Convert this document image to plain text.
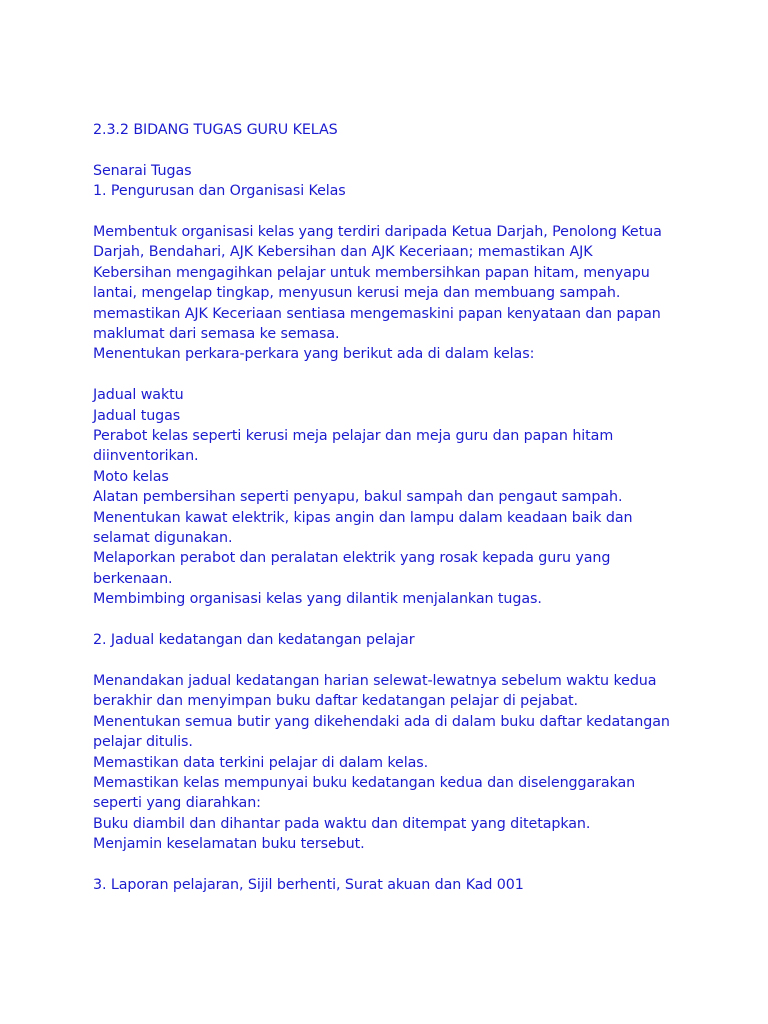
2.3.2 BIDANG TUGAS GURU KELAS

Senarai Tugas

1. Pengurusan dan Organisasi Kelas

Membentuk organisasi kelas yang terdiri daripada Ketua Darjah, Penolong Ketua

Darjah, Bendahari, AJK Kebersihan dan AJK Keceriaan; memastikan AJK

Kebersihan mengagihkan pelajar untuk membersihkan papan hitam, menyapu

lantai, mengelap tingkap, menyusun kerusi meja dan membuang sampah.

memastikan AJK Keceriaan sentiasa mengemaskini papan kenyataan dan papan

maklumat dari semasa ke semasa.

Menentukan perkara-perkara yang berikut ada di dalam kelas:

Jadual waktu

Jadual tugas

Perabot kelas seperti kerusi meja pelajar dan meja guru dan papan hitam

diinventorikan.

Moto kelas

Alatan pembersihan seperti penyapu, bakul sampah dan pengaut sampah.

Menentukan kawat elektrik, kipas angin dan lampu dalam keadaan baik dan

selamat digunakan.

Melaporkan perabot dan peralatan elektrik yang rosak kepada guru yang

berkenaan.

Membimbing organisasi kelas yang dilantik menjalankan tugas.

2. Jadual kedatangan dan kedatangan pelajar

Menandakan jadual kedatangan harian selewat-lewatnya sebelum waktu kedua

berakhir dan menyimpan buku daftar kedatangan pelajar di pejabat.

Menentukan semua butir yang dikehendaki ada di dalam buku daftar kedatangan

pelajar ditulis.

Memastikan data terkini pelajar di dalam kelas.

Memastikan kelas mempunyai buku kedatangan kedua dan diselenggarakan

seperti yang diarahkan:

Buku diambil dan dihantar pada waktu dan ditempat yang ditetapkan.

Menjamin keselamatan buku tersebut.

3. Laporan pelajaran, Sijil berhenti, Surat akuan dan Kad 001
